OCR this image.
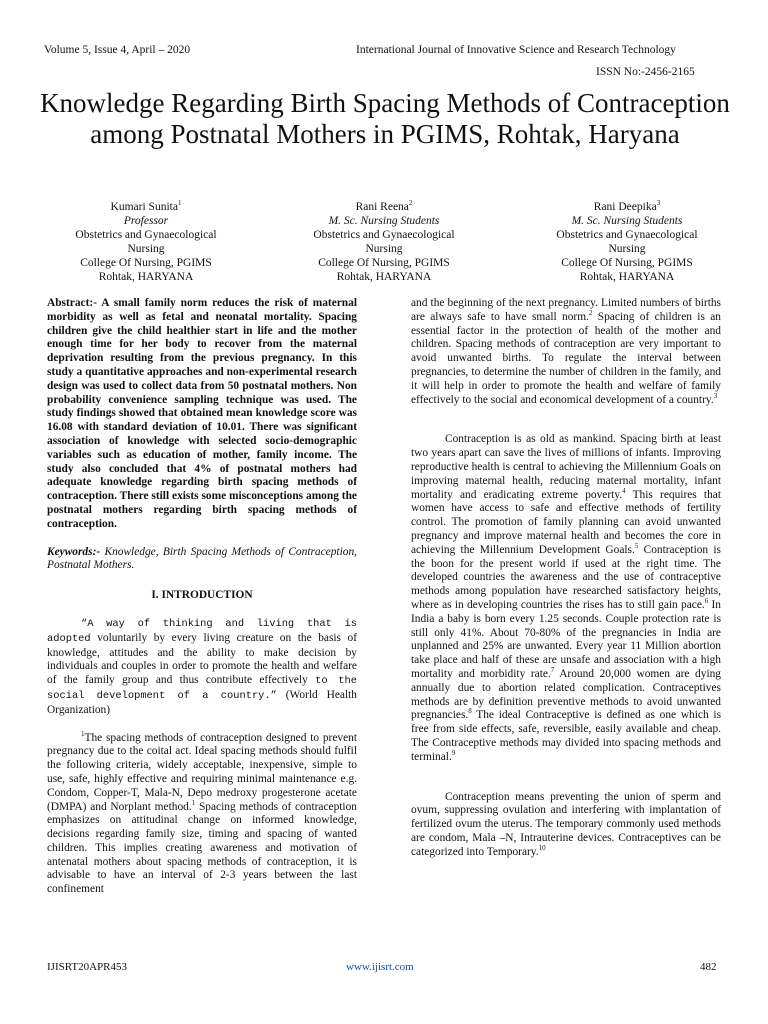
Volume 5, Issue 4, April – 2020	International Journal of Innovative Science and Research Technology
ISSN No:-2456-2165
Knowledge Regarding Birth Spacing Methods of Contraception among Postnatal Mothers in PGIMS, Rohtak, Haryana
Kumari Sunita$^1$
Professor
Obstetrics and Gynaecological
Nursing
College Of Nursing, PGIMS
Rohtak, HARYANA
Rani Reena$^2$
M. Sc. Nursing Students
Obstetrics and Gynaecological
Nursing
College Of Nursing, PGIMS
Rohtak, HARYANA
Rani Deepika$^3$
M. Sc. Nursing Students
Obstetrics and Gynaecological
Nursing
College Of Nursing, PGIMS
Rohtak, HARYANA

Abstract:- A small family norm reduces the risk of maternal morbidity as well as fetal and neonatal mortality. Spacing children give the child healthier start in life and the mother enough time for her body to recover from the maternal deprivation resulting from the previous pregnancy. In this study a quantitative approaches and non-experimental research design was used to collect data from 50 postnatal mothers. Non probability convenience sampling technique was used. The study findings showed that obtained mean knowledge score was 16.08 with standard deviation of 10.01. There was significant association of knowledge with selected socio-demographic variables such as education of mother, family income. The study also concluded that 4% of postnatal mothers had adequate knowledge regarding birth spacing methods of contraception. There still exists some misconceptions among the postnatal mothers regarding birth spacing methods of contraception.

Keywords:- Knowledge, Birth Spacing Methods of Contraception, Postnatal Mothers.

I. INTRODUCTION

“A way of thinking and living that is adopted voluntarily by every living creature on the basis of knowledge, attitudes and the ability to make decision by individuals and couples in order to promote the health and welfare of the family group and thus contribute effectively to the social development of a country.” (World Health Organization)

$^1$The spacing methods of contraception designed to prevent pregnancy due to the coital act. Ideal spacing methods should fulfil the following criteria, widely acceptable, inexpensive, simple to use, safe, highly effective and requiring minimal maintenance e.g. Condom, Copper-T, Mala-N, Depo medroxy progesterone acetate (DMPA) and Norplant method.$^1$ Spacing methods of contraception emphasizes on attitudinal change on informed knowledge, decisions regarding family size, timing and spacing of wanted children. This implies creating awareness and motivation of antenatal mothers about spacing methods of contraception, it is advisable to have an interval of 2-3 years between the last confinement

and the beginning of the next pregnancy. Limited numbers of births are always safe to have small norm.$^2$ Spacing of children is an essential factor in the protection of health of the mother and children. Spacing methods of contraception are very important to avoid unwanted births. To regulate the interval between pregnancies, to determine the number of children in the family, and it will help in order to promote the health and welfare of family effectively to the social and economical development of a country.$^3$

Contraception is as old as mankind. Spacing birth at least two years apart can save the lives of millions of infants. Improving reproductive health is central to achieving the Millennium Goals on improving maternal health, reducing maternal mortality, infant mortality and eradicating extreme poverty.$^4$ This requires that women have access to safe and effective methods of fertility control. The promotion of family planning can avoid unwanted pregnancy and improve maternal health and becomes the core in achieving the Millennium Development Goals.$^5$ Contraception is the boon for the present world if used at the right time. The developed countries the awareness and the use of contraceptive methods among population have researched satisfactory heights, where as in developing countries the rises has to still gain pace.$^6$ In India a baby is born every 1.25 seconds. Couple protection rate is still only 41%. About 70-80% of the pregnancies in India are unplanned and 25% are unwanted. Every year 11 Million abortion take place and half of these are unsafe and association with a high mortality and morbidity rate.$^7$ Around 20,000 women are dying annually due to abortion related complication. Contraceptives methods are by definition preventive methods to avoid unwanted pregnancies.$^8$ The ideal Contraceptive is defined as one which is free from side effects, safe, reversible, easily available and cheap. The Contraceptive methods may divided into spacing methods and terminal.$^9$

Contraception means preventing the union of sperm and ovum, suppressing ovulation and interfering with implantation of fertilized ovum the uterus. The temporary commonly used methods are condom, Mala –N, Intrauterine devices. Contraceptives can be categorized into Temporary.$^{10}$

IJISRT20APR453	www.ijisrt.com	482
